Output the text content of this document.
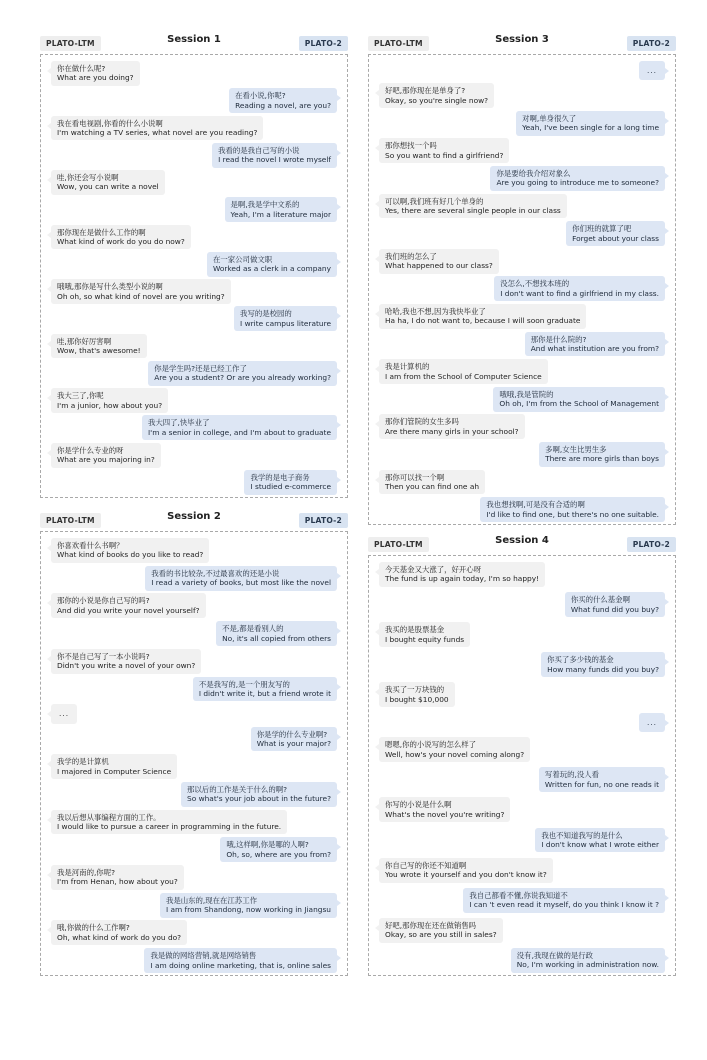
PLATO-LTM	Session 1	PLATO-2
你在做什么呢?
What are you doing?
在看小说,你呢?
Reading a novel, are you?
我在看电视剧,你看的什么小说啊
I'm watching a TV series, what novel are you reading?
我看的是我自己写的小说
I read the novel I wrote myself
哇,你还会写小说啊
Wow, you can write a novel
是啊,我是学中文系的
Yeah, I'm a literature major
那你现在是做什么工作的啊
What kind of work do you do now?
在一家公司做文职
Worked as a clerk in a company
哦哦,那你是写什么类型小说的啊
Oh oh, so what kind of novel are you writing?
我写的是校园的
I write campus literature
哇,那你好厉害啊
Wow, that's awesome!
你是学生吗?还是已经工作了
Are you a student? Or are you already working?
我大三了,你呢
I'm a junior, how about you?
我大四了,快毕业了
I'm a senior in college, and I'm about to graduate
你是学什么专业的呀
What are you majoring in?
我学的是电子商务
I studied e-commerce
PLATO-LTM	Session 2	PLATO-2
你喜欢看什么书啊？
What kind of books do you like to read?
我看的书比较杂,不过最喜欢的还是小说
I read a variety of books, but most like the novel
那你的小说是你自己写的吗?
And did you write your novel yourself?
不是,都是看别人的
No, it's all copied from others
你不是自己写了一本小说吗?
Didn't you write a novel of your own?
不是我写的,是一个朋友写的
I didn't write it, but a friend wrote it
...
你是学的什么专业啊?
What is your major?
我学的是计算机
I majored in Computer Science
那以后的工作是关于什么的啊?
So what's your job about in the future?
我以后想从事编程方面的工作。
I would like to pursue a career in programming in the future.
哦,这样啊,你是哪的人啊?
Oh, so, where are you from?
我是河南的,你呢?
I'm from Henan, how about you?
我是山东的,现在在江苏工作
I am from Shandong, now working in Jiangsu
哦,你做的什么工作啊?
Oh, what kind of work do you do?
我是做的网络营销,就是网络销售
I am doing online marketing, that is, online sales
PLATO-LTM	Session 3	PLATO-2
...
好吧,那你现在是单身了?
Okay, so you're single now?
对啊,单身很久了
Yeah, I've been single for a long time
那你想找一个吗
So you want to find a girlfriend?
你是要给我介绍对象么
Are you going to introduce me to someone?
可以啊,我们班有好几个单身的
Yes, there are several single people in our class
你们班的就算了吧
Forget about your class
我们班的怎么了
What happened to our class?
没怎么,不想找本班的
I don't want to find a girlfriend in my class.
哈哈,我也不想,因为我快毕业了
Ha ha, I do not want to, because I will soon graduate
那你是什么院的?
And what institution are you from?
我是计算机的
I am from the School of Computer Science
哦哦,我是管院的
Oh oh, I'm from the School of Management
那你们管院的女生多吗
Are there many girls in your school?
多啊,女生比男生多
There are more girls than boys
那你可以找一个啊
Then you can find one ah
我也想找啊,可是没有合适的啊
I'd like to find one, but there's no one suitable.
PLATO-LTM	Session 4	PLATO-2
今天基金又大涨了，好开心呀
The fund is up again today, I'm so happy!
你买的什么基金啊
What fund did you buy?
我买的是股票基金
I bought equity funds
你买了多少钱的基金
How many funds did you buy?
我买了一万块钱的
I bought $10,000
...
嗯嗯,你的小说写的怎么样了
Well, how's your novel coming along?
写着玩的,没人看
Written for fun, no one reads it
你写的小说是什么啊
What's the novel you're writing?
我也不知道我写的是什么
I don't know what I wrote either
你自己写的你还不知道啊
You wrote it yourself and you don't know it?
我自己都看不懂,你说我知道不
I can 't even read it myself, do you think I know it ?
好吧,那你现在还在做销售吗
Okay, so are you still in sales?
没有,我现在做的是行政
No, I'm working in administration now.
